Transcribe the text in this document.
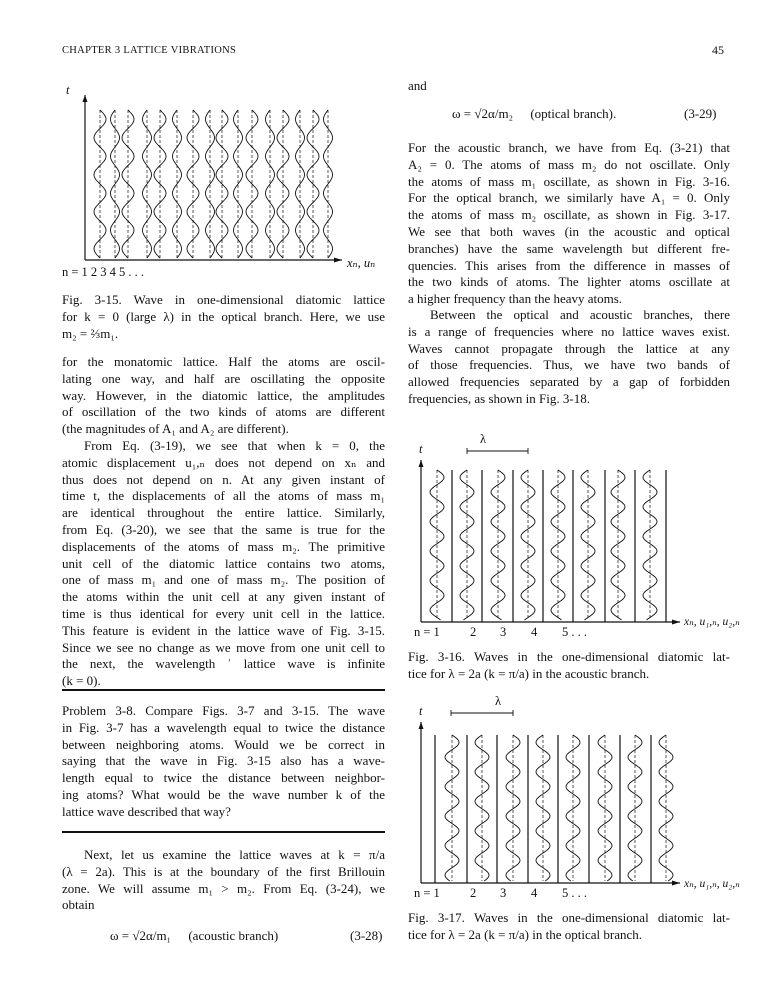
CHAPTER 3 LATTICE VIBRATIONS	45
t
xₙ, uₙ
n = 1 2 3 4 5 . . .
Fig. 3-15. Wave in one-dimensional diatomic lattice
for k = 0 (large λ) in the optical branch. Here, we use
m₂ = ⅔m₁.
for the monatomic lattice. Half the atoms are oscil-
lating one way, and half are oscillating the opposite
way. However, in the diatomic lattice, the amplitudes
of oscillation of the two kinds of atoms are different
(the magnitudes of A₁ and A₂ are different).
From Eq. (3-19), we see that when k = 0, the
atomic displacement u₁,ₙ does not depend on xₙ and
thus does not depend on n. At any given instant of
time t, the displacements of all the atoms of mass m₁
are identical throughout the entire lattice. Similarly,
from Eq. (3-20), we see that the same is true for the
displacements of the atoms of mass m₂. The primitive
unit cell of the diatomic lattice contains two atoms,
one of mass m₁ and one of mass m₂. The position of
the atoms within the unit cell at any given instant of
time is thus identical for every unit cell in the lattice.
This feature is evident in the lattice wave of Fig. 3-15.
Since we see no change as we move from one unit cell to
the next, the wavelength ʾ lattice wave is infinite
(k = 0).
Problem 3-8. Compare Figs. 3-7 and 3-15. The wave
in Fig. 3-7 has a wavelength equal to twice the distance
between neighboring atoms. Would we be correct in
saying that the wave in Fig. 3-15 also has a wave-
length equal to twice the distance between neighbor-
ing atoms? What would be the wave number k of the
lattice wave described that way?
Next, let us examine the lattice waves at k = π/a
(λ = 2a). This is at the boundary of the first Brillouin
zone. We will assume m₁ > m₂. From Eq. (3-24), we
obtain
ω = √2α/m₁ (acoustic branch)	(3-28)
and
ω = √2α/m₂ (optical branch).	(3-29)
For the acoustic branch, we have from Eq. (3-21) that
A₂ = 0. The atoms of mass m₂ do not oscillate. Only
the atoms of mass m₁ oscillate, as shown in Fig. 3-16.
For the optical branch, we similarly have A₁ = 0. Only
the atoms of mass m₂ oscillate, as shown in Fig. 3-17.
We see that both waves (in the acoustic and optical
branches) have the same wavelength but different fre-
quencies. This arises from the difference in masses of
the two kinds of atoms. The lighter atoms oscillate at
a higher frequency than the heavy atoms.
Between the optical and acoustic branches, there
is a range of frequencies where no lattice waves exist.
Waves cannot propagate through the lattice at any
of those frequencies. Thus, we have two bands of
allowed frequencies separated by a gap of forbidden
frequencies, as shown in Fig. 3-18.
t
λ
xₙ, u₁,ₙ, u₂,ₙ
n = 1 2 3 4 5 . . .
Fig. 3-16. Waves in the one-dimensional diatomic lat-
tice for λ = 2a (k = π/a) in the acoustic branch.
t
λ
xₙ, u₁,ₙ, u₂,ₙ
n = 1 2 3 4 5 . . .
Fig. 3-17. Waves in the one-dimensional diatomic lat-
tice for λ = 2a (k = π/a) in the optical branch.
